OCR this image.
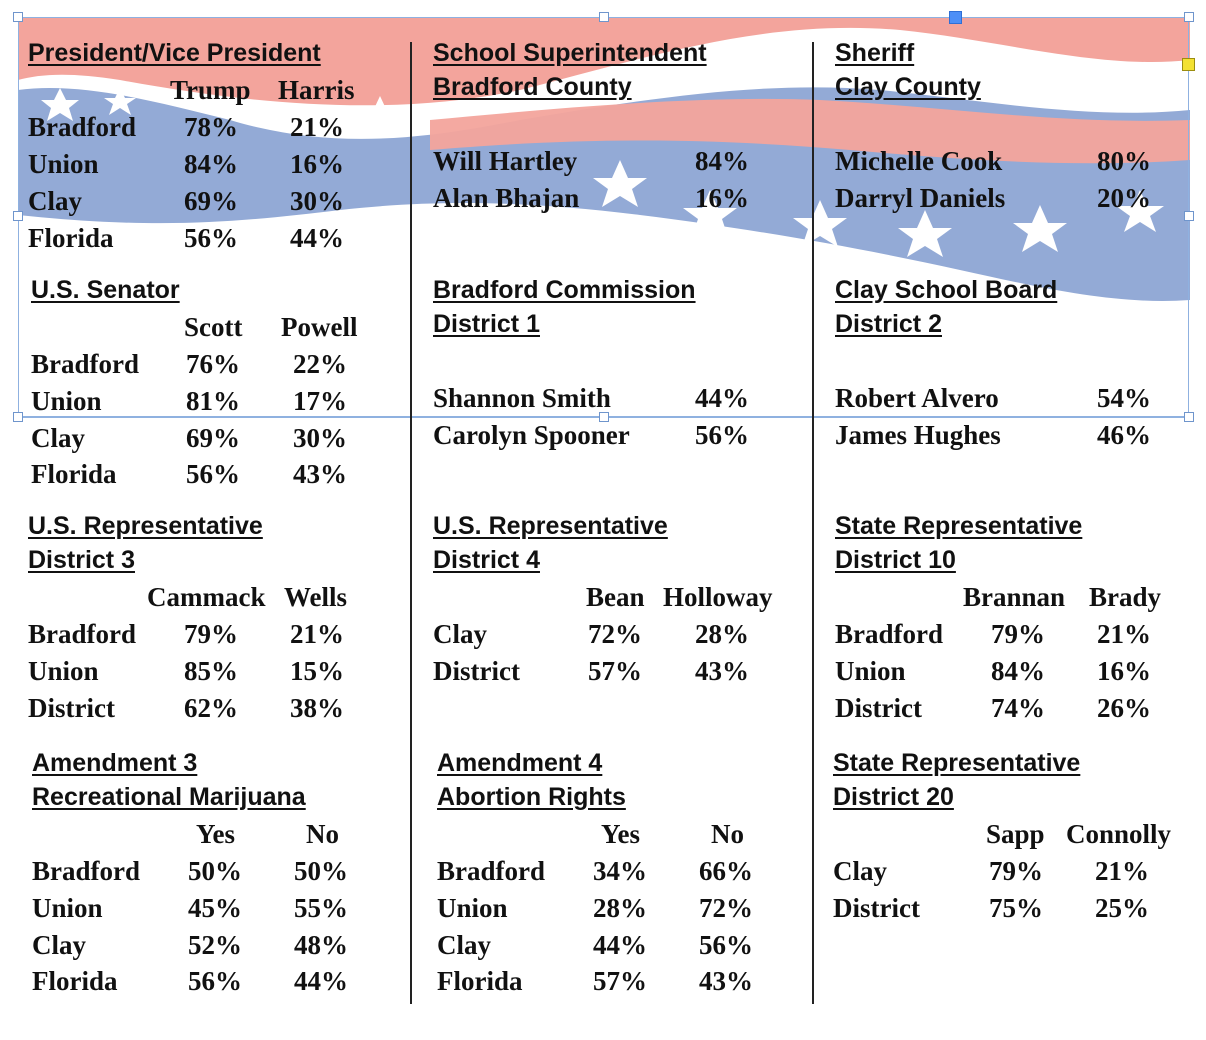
President/Vice President
Trump Harris
Bradford 78% 21%
Union	84% 16%
Clay	69% 30%
Florida	56% 44%
U.S. Senator
Scott Powell
Bradford 76% 22%
Union	81% 17%
Clay	69% 30%
Florida	56% 43%
U.S. Representative
District 3
Cammack Wells
Bradford 79% 21%
Union	85% 15%
District	62% 38%
Amendment 3
Recreational Marijuana
Yes	No
Bradford 50% 50%
Union	45% 55%
Clay	52% 48%
Florida	56% 44%
School Superintendent
Bradford County
Will Hartley	84%
Alan Bhajan	16%
Bradford Commission
District 1
Shannon Smith	44%
Carolyn Spooner 56%
U.S. Representative
District 4
Bean Holloway
Clay	72% 28%
District	57% 43%
Amendment 4
Abortion Rights
Yes	No
Bradford 34% 66%
Union	28% 72%
Clay	44% 56%
Florida	57% 43%
Sheriff
Clay County
Michelle Cook	80%
Darryl Daniels	20%
Clay School Board
District 2
Robert Alvero	54%
James Hughes	46%
State Representative
District 10
Brannan Brady
Bradford 79% 21%
Union	84% 16%
District	74% 26%
State Representative
District 20
Sapp Connolly
Clay	79% 21%
District	75% 25%
